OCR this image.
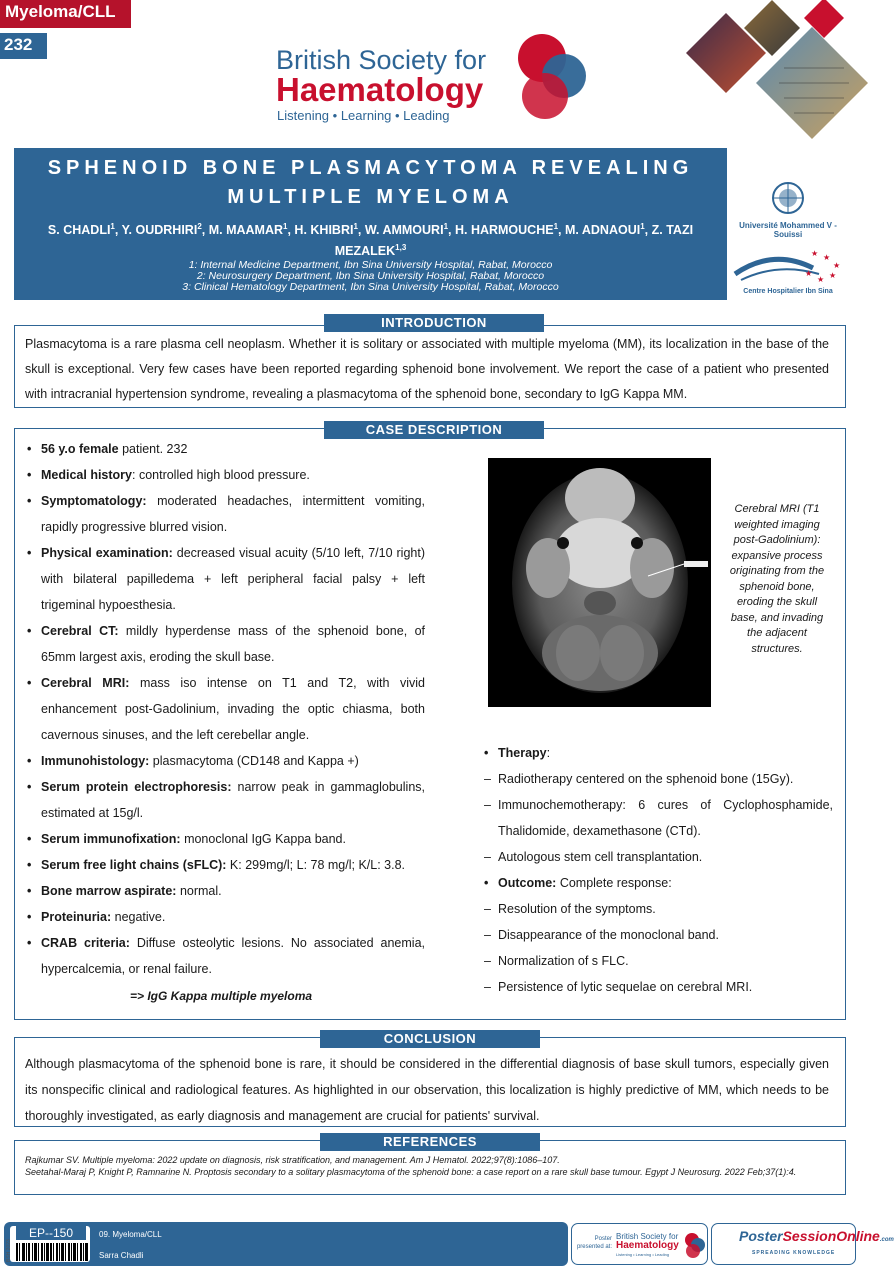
Myeloma/CLL
232
British Society for
Haematology
Listening • Learning • Leading
SPHENOID BONE PLASMACYTOMA REVEALING MULTIPLE MYELOMA
S. CHADLI$^1$, Y. OUDRHIRI$^2$, M. MAAMAR$^1$, H. KHIBRI$^1$, W. AMMOURI$^1$, H. HARMOUCHE$^1$, M. ADNAOUI$^1$, Z. TAZI MEZALEK$^{1,3}$
1: Internal Medicine Department, Ibn Sina University Hospital, Rabat, Morocco
2: Neurosurgery Department, Ibn Sina University Hospital, Rabat, Morocco
3: Clinical Hematology Department, Ibn Sina University Hospital, Rabat, Morocco
Université Mohammed V - Souissi
★ ★
★
★
★
★
Centre Hospitalier Ibn Sina
Plasmacytoma is a rare plasma cell neoplasm. Whether it is solitary or associated with multiple myeloma (MM), its localization in the base of the skull is exceptional. Very few cases have been reported regarding sphenoid bone involvement. We report the case of a patient who presented with intracranial hypertension syndrome, revealing a plasmacytoma of the sphenoid bone, secondary to IgG Kappa MM.
INTRODUCTION
CASE DESCRIPTION
• 56 y.o female patient. 232
• Medical history: controlled high blood pressure.
• Symptomatology: moderated headaches, intermittent vomiting, rapidly progressive blurred vision.
• Physical examination: decreased visual acuity (5/10 left, 7/10 right) with bilateral papilledema + left peripheral facial palsy + left trigeminal hypoesthesia.
• Cerebral CT: mildly hyperdense mass of the sphenoid bone, of 65mm largest axis, eroding the skull base.
• Cerebral MRI: mass iso intense on T1 and T2, with vivid enhancement post-Gadolinium, invading the optic chiasma, both cavernous sinuses, and the left cerebellar angle.
• Immunohistology: plasmacytoma (CD148 and Kappa +)
• Serum protein electrophoresis: narrow peak in gammaglobulins, estimated at 15g/l.
• Serum immunofixation: monoclonal IgG Kappa band.
• Serum free light chains (sFLC): K: 299mg/l; L: 78 mg/l; K/L: 3.8.
• Bone marrow aspirate: normal.
• Proteinuria: negative.
• CRAB criteria: Diffuse osteolytic lesions. No associated anemia, hypercalcemia, or renal failure.
=> IgG Kappa multiple myeloma
Cerebral MRI (T1 weighted imaging post-Gadolinium): expansive process originating from the sphenoid bone, eroding the skull base, and invading the adjacent structures.
• Therapy:
– Radiotherapy centered on the sphenoid bone (15Gy).
– Immunochemotherapy: 6 cures of Cyclophosphamide, Thalidomide, dexamethasone (CTd).
– Autologous stem cell transplantation.
• Outcome: Complete response:
– Resolution of the symptoms.
– Disappearance of the monoclonal band.
– Normalization of s FLC.
– Persistence of lytic sequelae on cerebral MRI.
Although plasmacytoma of the sphenoid bone is rare, it should be considered in the differential diagnosis of base skull tumors, especially given its nonspecific clinical and radiological features. As highlighted in our observation, this localization is highly predictive of MM, which needs to be thoroughly investigated, as early diagnosis and management are crucial for patients' survival.
CONCLUSION
Rajkumar SV. Multiple myeloma: 2022 update on diagnosis, risk stratification, and management. Am J Hematol. 2022;97(8):1086–107.
Seetahal-Maraj P, Knight P, Ramnarine N. Proptosis secondary to a solitary plasmacytoma of the sphenoid bone: a case report on a rare skull base tumour. Egypt J Neurosurg. 2022 Feb;37(1):4.
REFERENCES
EP--150
BSH 2023
09. Myeloma/CLL
Sarra Chadli
Poster presented at:
British Society for
Haematology
Listening • Learning • Leading
PosterSessionOnline.com
SPREADING KNOWLEDGE
